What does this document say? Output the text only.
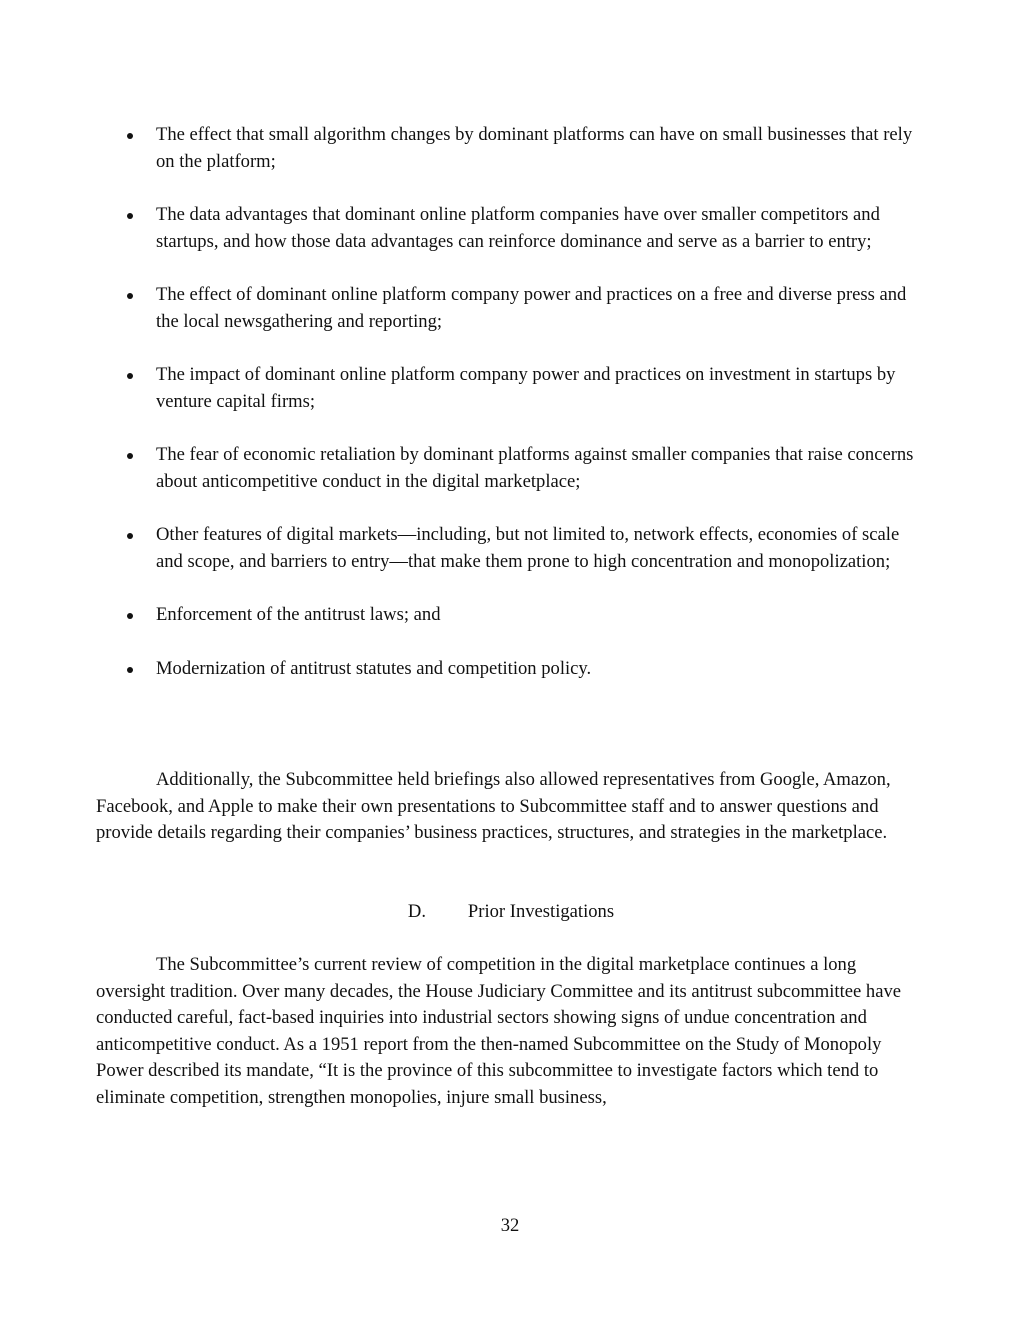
The effect that small algorithm changes by dominant platforms can have on small businesses that rely on the platform;
The data advantages that dominant online platform companies have over smaller competitors and startups, and how those data advantages can reinforce dominance and serve as a barrier to entry;
The effect of dominant online platform company power and practices on a free and diverse press and the local newsgathering and reporting;
The impact of dominant online platform company power and practices on investment in startups by venture capital firms;
The fear of economic retaliation by dominant platforms against smaller companies that raise concerns about anticompetitive conduct in the digital marketplace;
Other features of digital markets—including, but not limited to, network effects, economies of scale and scope, and barriers to entry—that make them prone to high concentration and monopolization;
Enforcement of the antitrust laws; and
Modernization of antitrust statutes and competition policy.

Additionally, the Subcommittee held briefings also allowed representatives from Google, Amazon, Facebook, and Apple to make their own presentations to Subcommittee staff and to answer questions and provide details regarding their companies’ business practices, structures, and strategies in the marketplace.

D. Prior Investigations

The Subcommittee’s current review of competition in the digital marketplace continues a long oversight tradition. Over many decades, the House Judiciary Committee and its antitrust subcommittee have conducted careful, fact-based inquiries into industrial sectors showing signs of undue concentration and anticompetitive conduct. As a 1951 report from the then-named Subcommittee on the Study of Monopoly Power described its mandate, “It is the province of this subcommittee to investigate factors which tend to eliminate competition, strengthen monopolies, injure small business,

32
